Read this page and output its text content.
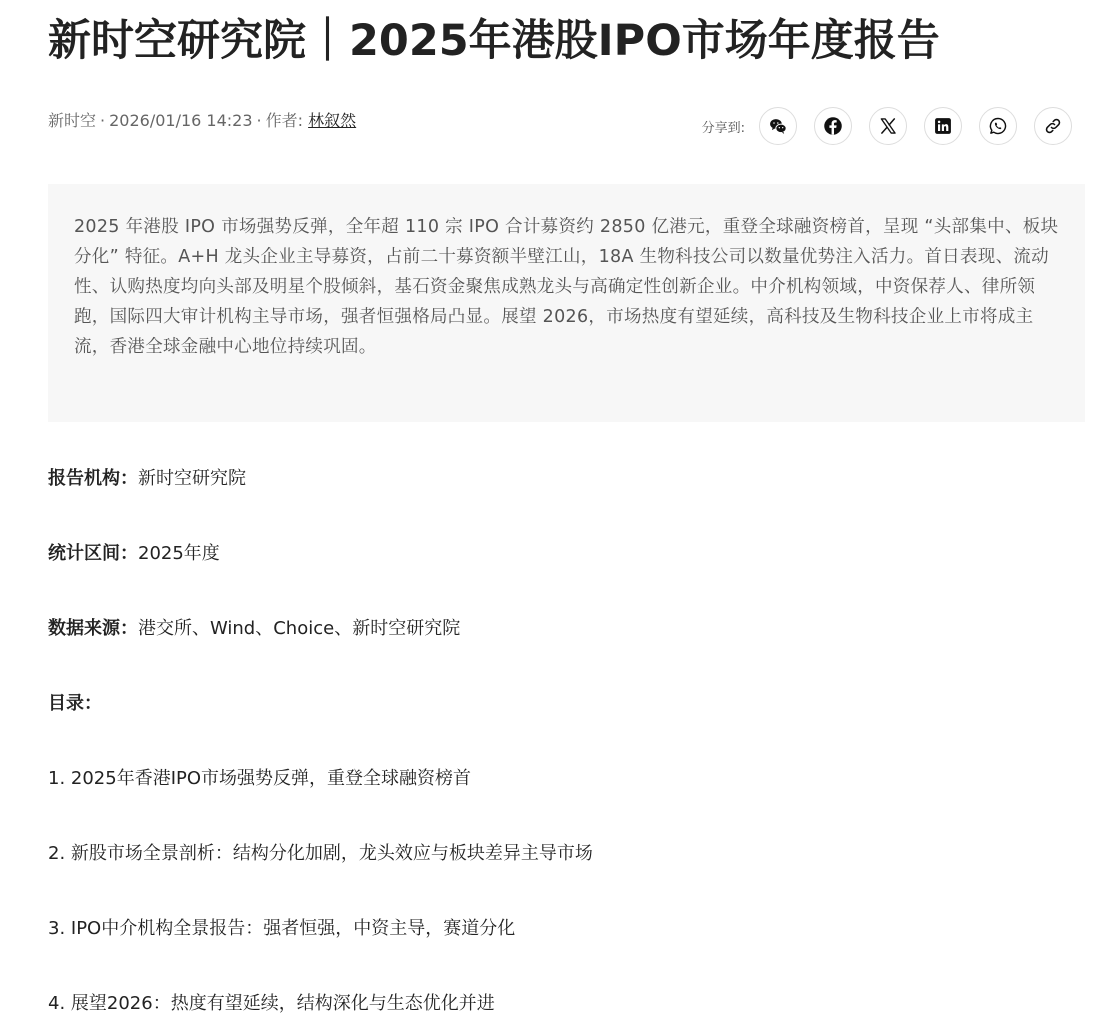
新时空研究院｜2025年港股IPO市场年度报告
新时空 · 2026/01/16 14:23 · 作者: 林叙然	分享到:

2025 年港股 IPO 市场强势反弹，全年超 110 宗 IPO 合计募资约 2850 亿港元，重登全球融资榜首，呈现 “头部集中、板块分化” 特征。A+H 龙头企业主导募资，占前二十募资额半壁江山，18A 生物科技公司以数量优势注入活力。首日表现、流动性、认购热度均向头部及明星个股倾斜，基石资金聚焦成熟龙头与高确定性创新企业。中介机构领域，中资保荐人、律所领跑，国际四大审计机构主导市场，强者恒强格局凸显。展望 2026，市场热度有望延续，高科技及生物科技企业上市将成主流，香港全球金融中心地位持续巩固。

报告机构：新时空研究院
统计区间：2025年度
数据来源：港交所、Wind、Choice、新时空研究院
目录：
1. 2025年香港IPO市场强势反弹，重登全球融资榜首
2. 新股市场全景剖析：结构分化加剧，龙头效应与板块差异主导市场
3. IPO中介机构全景报告：强者恒强，中资主导，赛道分化
4. 展望2026：热度有望延续，结构深化与生态优化并进
